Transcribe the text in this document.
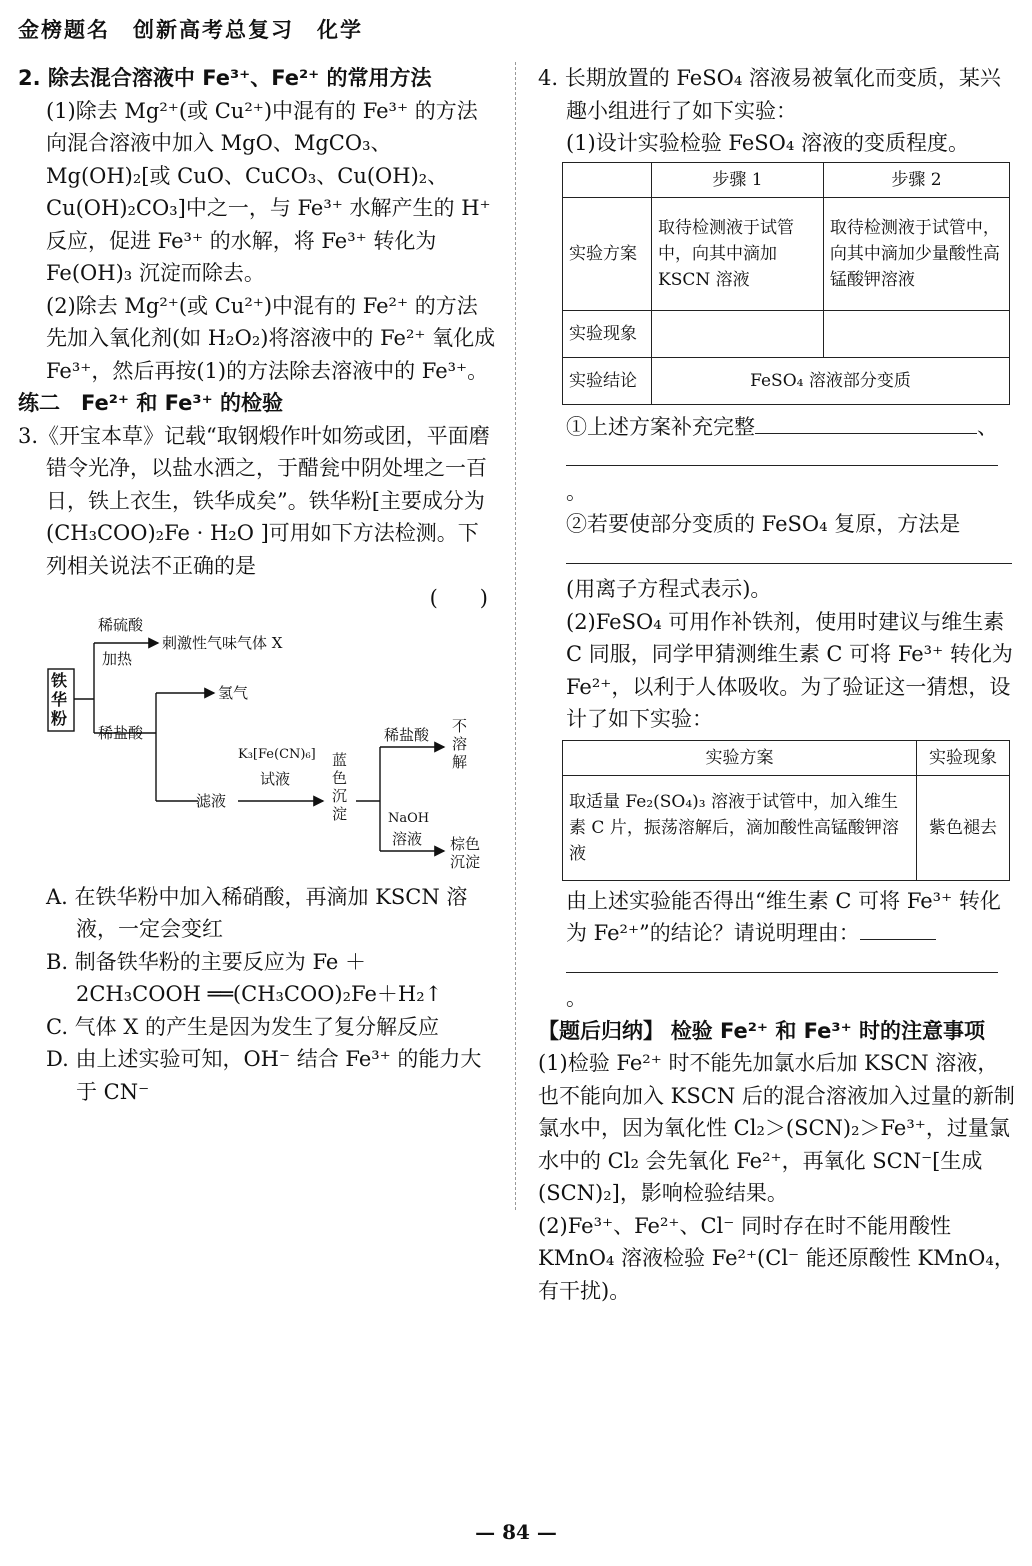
金榜题名　创新高考总复习　化学

2. 除去混合溶液中 Fe³⁺、Fe²⁺ 的常用方法

(1)除去 Mg²⁺(或 Cu²⁺)中混有的 Fe³⁺ 的方法

向混合溶液中加入 MgO、MgCO₃、Mg(OH)₂[或 CuO、CuCO₃、Cu(OH)₂、Cu(OH)₂CO₃]中之一，与 Fe³⁺ 水解产生的 H⁺ 反应，促进 Fe³⁺ 的水解，将 Fe³⁺ 转化为 Fe(OH)₃ 沉淀而除去。

(2)除去 Mg²⁺(或 Cu²⁺)中混有的 Fe²⁺ 的方法

先加入氧化剂(如 H₂O₂)将溶液中的 Fe²⁺ 氧化成 Fe³⁺，然后再按(1)的方法除去溶液中的 Fe³⁺。

练二　Fe²⁺ 和 Fe³⁺ 的检验

3.《开宝本草》记载“取钢煅作叶如笏或团，平面磨错令光净，以盐水洒之，于醋瓮中阴处埋之一百日，铁上衣生，铁华成矣”。铁华粉[主要成分为(CH₃COO)₂Fe · H₂O ]可用如下方法检测。下列相关说法不正确的是

(　　)

铁华粉
稀硫酸
加热
刺激性气味气体 X
稀盐酸
氢气
滤液
K₃[Fe(CN)₆]
试液
蓝色沉淀
稀盐酸 不溶解
NaOH
溶液 棕色沉淀

A. 在铁华粉中加入稀硝酸，再滴加 KSCN 溶液，一定会变红

B. 制备铁华粉的主要反应为 Fe ＋ 2CH₃COOH ══(CH₃COO)₂Fe＋H₂↑

C. 气体 X 的产生是因为发生了复分解反应

D. 由上述实验可知，OH⁻ 结合 Fe³⁺ 的能力大于 CN⁻

4. 长期放置的 FeSO₄ 溶液易被氧化而变质，某兴趣小组进行了如下实验：

(1)设计实验检验 FeSO₄ 溶液的变质程度。

	步骤 1	步骤 2
实验方案	取待检测液于试管中，向其中滴加 KSCN 溶液	取待检测液于试管中，向其中滴加少量酸性高锰酸钾溶液
实验现象		
实验结论	FeSO₄ 溶液部分变质	

①上述方案补充完整	、

。

②若要使部分变质的 FeSO₄ 复原，方法是

(用离子方程式表示)。

(2)FeSO₄ 可用作补铁剂，使用时建议与维生素 C 同服，同学甲猜测维生素 C 可将 Fe³⁺ 转化为 Fe²⁺，以利于人体吸收。为了验证这一猜想，设计了如下实验：

实验方案	实验现象
取适量 Fe₂(SO₄)₃ 溶液于试管中，加入维生素 C 片，振荡溶解后，滴加酸性高锰酸钾溶液	紫色褪去

由上述实验能否得出“维生素 C 可将 Fe³⁺ 转化为 Fe²⁺”的结论？请说明理由：

。

【题后归纳】 检验 Fe²⁺ 和 Fe³⁺ 时的注意事项

(1)检验 Fe²⁺ 时不能先加氯水后加 KSCN 溶液，也不能向加入 KSCN 后的混合溶液加入过量的新制氯水中，因为氧化性 Cl₂＞(SCN)₂＞Fe³⁺，过量氯水中的 Cl₂ 会先氧化 Fe²⁺，再氧化 SCN⁻[生成(SCN)₂]，影响检验结果。

(2)Fe³⁺、Fe²⁺、Cl⁻ 同时存在时不能用酸性 KMnO₄ 溶液检验 Fe²⁺(Cl⁻ 能还原酸性 KMnO₄，有干扰)。

— 84 —
